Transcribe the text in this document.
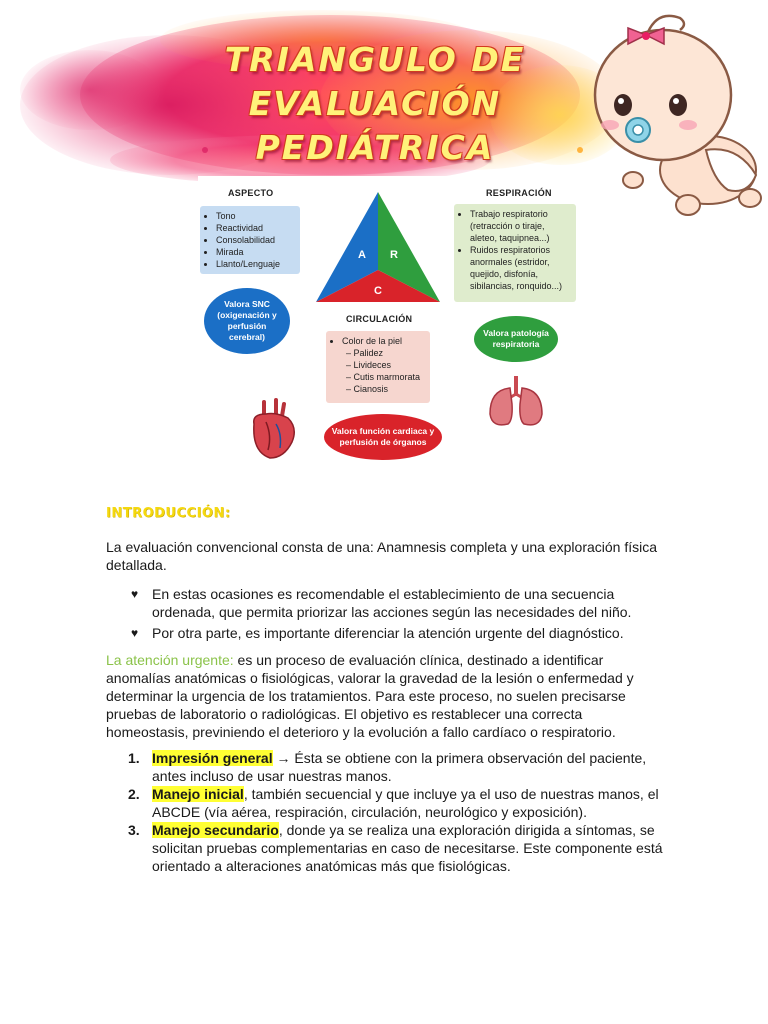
TRIANGULO DE
EVALUACIÓN PEDIÁTRICA
ASPECTO
• Tono
• Reactividad
• Consolabilidad
• Mirada
• Llanto/Lenguaje
A R
C
RESPIRACIÓN
• Trabajo respiratorio (retracción o tiraje, aleteo, taquipnea...)
• Ruidos respiratorios anormales (estridor, quejido, disfonía, sibilancias, ronquido...)
Valora SNC (oxigenación y perfusión cerebral)
CIRCULACIÓN
• Color de la piel
– Palidez
– Livideces
– Cutis marmorata
– Cianosis
Valora patología respiratoria
Valora función cardiaca y perfusión de órganos
INTRODUCCIÓN:

La evaluación convencional consta de una: Anamnesis completa y una exploración física detallada.

♥ En estas ocasiones es recomendable el establecimiento de una secuencia ordenada, que permita priorizar las acciones según las necesidades del niño.
♥ Por otra parte, es importante diferenciar la atención urgente del diagnóstico.

La atención urgente: es un proceso de evaluación clínica, destinado a identificar anomalías anatómicas o fisiológicas, valorar la gravedad de la lesión o enfermedad y determinar la urgencia de los tratamientos. Para este proceso, no suelen precisarse pruebas de laboratorio o radiológicas. El objetivo es restablecer una correcta homeostasis, previniendo el deterioro y la evolución a fallo cardíaco o respiratorio.

1. Impresión general → Ésta se obtiene con la primera observación del paciente, antes incluso de usar nuestras manos.
2. Manejo inicial, también secuencial y que incluye ya el uso de nuestras manos, el ABCDE (vía aérea, respiración, circulación, neurológico y exposición).
3. Manejo secundario, donde ya se realiza una exploración dirigida a síntomas, se solicitan pruebas complementarias en caso de necesitarse. Este componente está orientado a alteraciones anatómicas más que fisiológicas.
